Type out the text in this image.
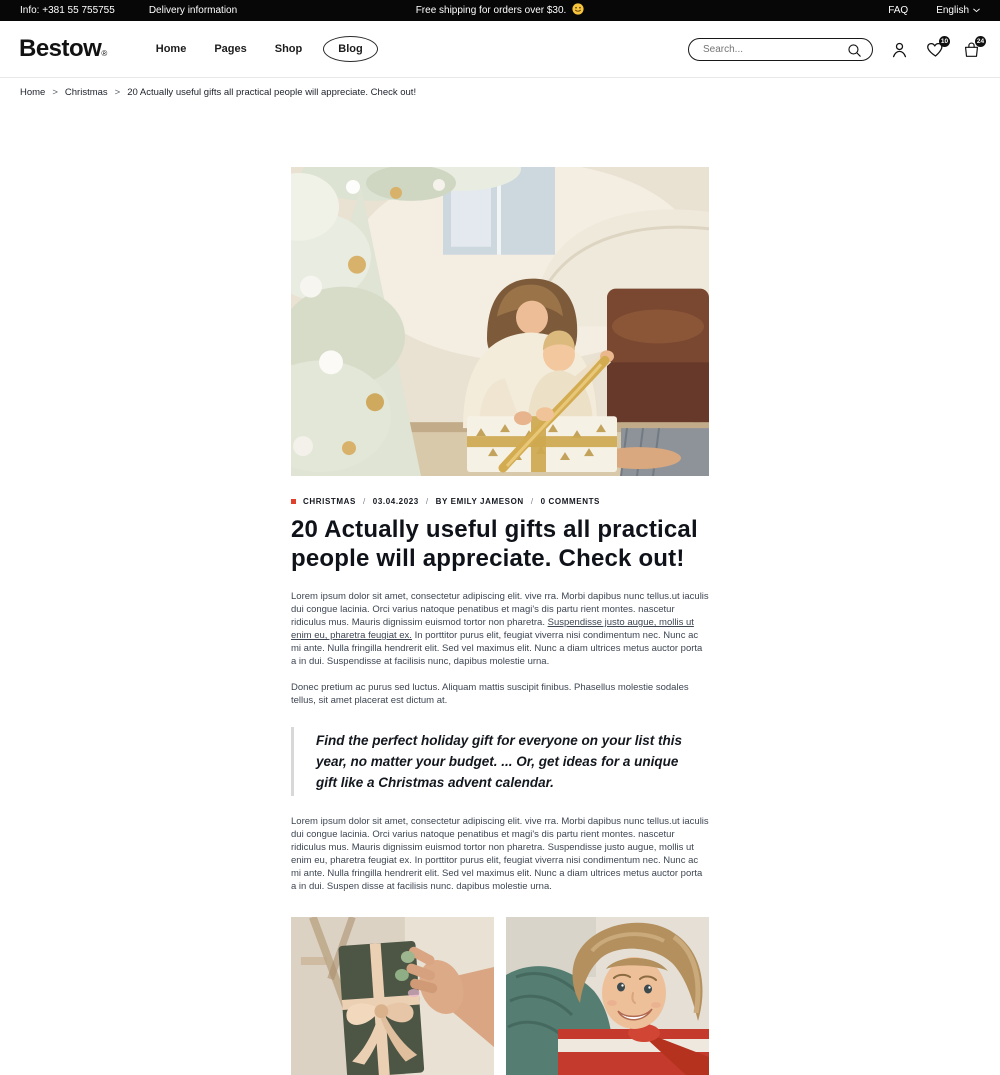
Info: +381 55 755755	Delivery information	Free shipping for orders over $30.	FAQ	English
Bestow®	Home	Pages	Shop	Blog
Search...
10	24
Home > Christmas > 20 Actually useful gifts all practical people will appreciate. Check out!
CHRISTMAS / 03.04.2023 / BY EMILY JAMESON / 0 COMMENTS
20 Actually useful gifts all practical people will appreciate. Check out!

Lorem ipsum dolor sit amet, consectetur adipiscing elit. vive rra. Morbi dapibus nunc tellus.ut iaculis dui congue lacinia. Orci varius natoque penatibus et magi's dis partu rient montes. nascetur ridiculus mus. Mauris dignissim euismod tortor non pharetra. Suspendisse justo augue, mollis ut enim eu, pharetra feugiat ex. In porttitor purus elit, feugiat viverra nisi condimentum nec. Nunc ac mi ante. Nulla fringilla hendrerit elit. Sed vel maximus elit. Nunc a diam ultrices metus auctor porta a in dui. Suspendisse at facilisis nunc, dapibus molestie urna.

Donec pretium ac purus sed luctus. Aliquam mattis suscipit finibus. Phasellus molestie sodales tellus, sit amet placerat est dictum at.

Find the perfect holiday gift for everyone on your list this year, no matter your budget. ... Or, get ideas for a unique gift like a Christmas advent calendar.

Lorem ipsum dolor sit amet, consectetur adipiscing elit. vive rra. Morbi dapibus nunc tellus.ut iaculis dui congue lacinia. Orci varius natoque penatibus et magi's dis partu rient montes. nascetur ridiculus mus. Mauris dignissim euismod tortor non pharetra. Suspendisse justo augue, mollis ut enim eu, pharetra feugiat ex. In porttitor purus elit, feugiat viverra nisi condimentum nec. Nunc ac mi ante. Nulla fringilla hendrerit elit. Sed vel maximus elit. Nunc a diam ultrices metus auctor porta a in dui. Suspen disse at facilisis nunc. dapibus molestie urna.
